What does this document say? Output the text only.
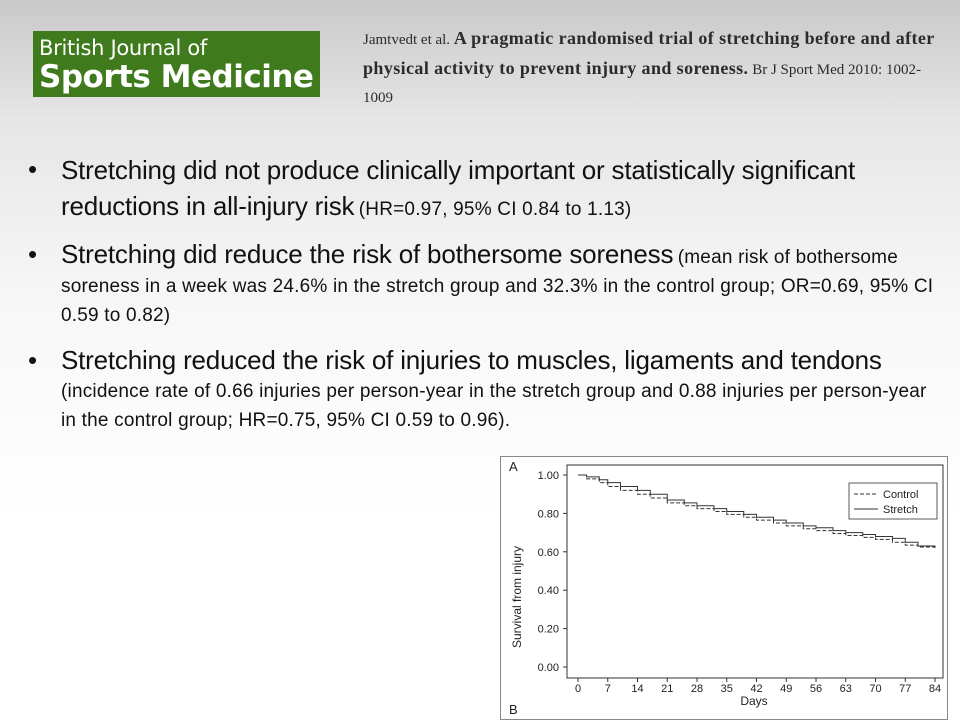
British Journal of
Sports Medicine
Jamtvedt et al. A pragmatic randomised trial of stretching before and after physical activity to prevent injury and soreness. Br J Sport Med 2010: 1002-1009
• Stretching did not produce clinically important or statistically significant reductions in all-injury risk (HR=0.97, 95% CI 0.84 to 1.13)
• Stretching did reduce the risk of bothersome soreness (mean risk of bothersome soreness in a week was 24.6% in the stretch group and 32.3% in the control group; OR=0.69, 95% CI 0.59 to 0.82)
• Stretching reduced the risk of injuries to muscles, ligaments and tendons (incidence rate of 0.66 injuries per person-year in the stretch group and 0.88 injuries per person-year in the control group; HR=0.75, 95% CI 0.59 to 0.96).
A
B
Survival from injury
Days
0.00
0.20
0.40
0.60
0.80
1.00
0 7 14 21 28 35 42 49 56 63 70 77 84
Control
Stretch
